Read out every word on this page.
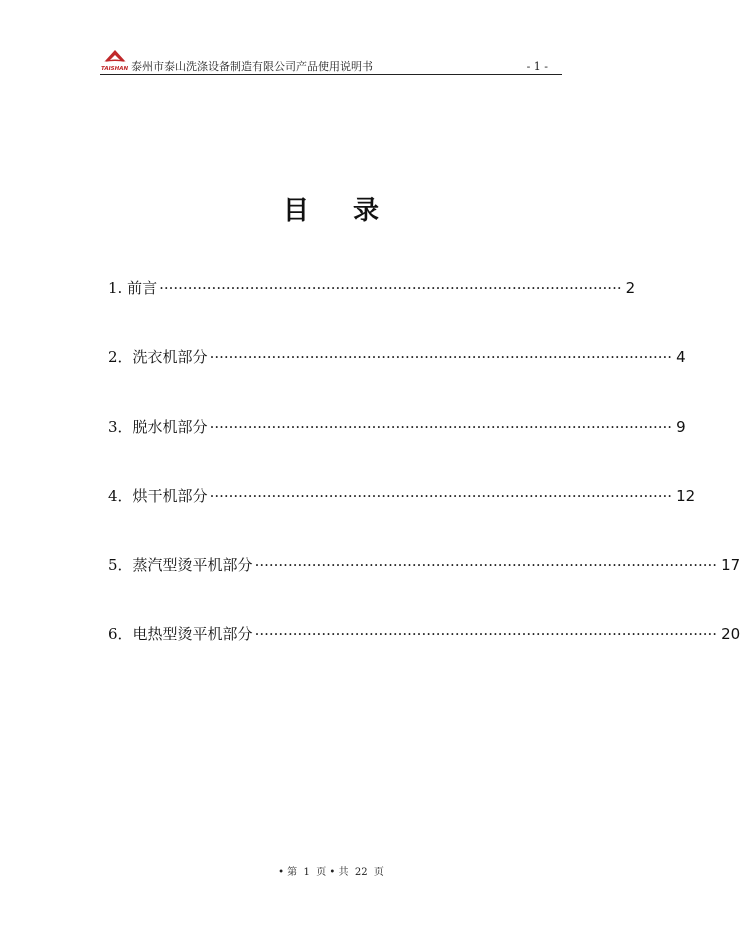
TAISHAN 泰州市泰山洗涤设备制造有限公司产品使用说明书	- 1 -
目 录
1. 前言 ································································································· 2
2． 洗衣机部分 ································································································· 4
3． 脱水机部分 ································································································· 9
4． 烘干机部分 ································································································· 12
5． 蒸汽型烫平机部分 ································································································· 17
6． 电热型烫平机部分 ································································································· 20
• 第  1  页 • 共  22  页
